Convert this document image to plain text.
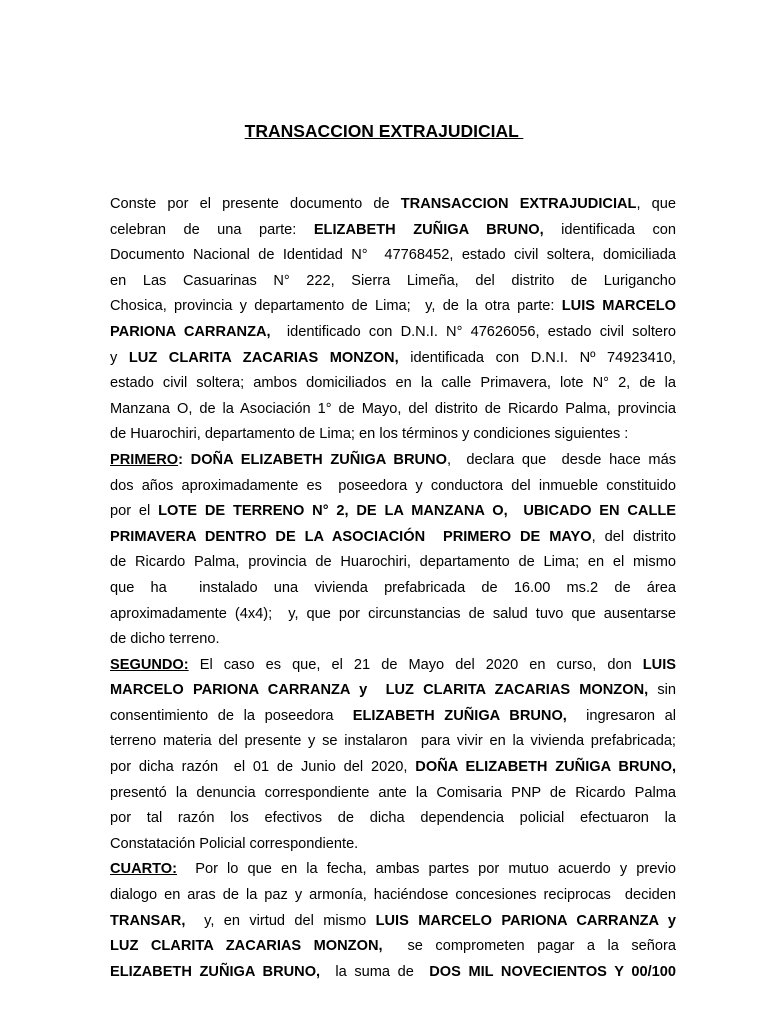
TRANSACCION EXTRAJUDICIAL
Conste por el presente documento de TRANSACCION EXTRAJUDICIAL, que
celebran de una parte: ELIZABETH ZUÑIGA BRUNO, identificada con
Documento Nacional de Identidad N°  47768452, estado civil soltera, domiciliada
en Las Casuarinas N° 222, Sierra Limeña, del distrito de Lurigancho
Chosica, provincia y departamento de Lima;  y, de la otra parte: LUIS MARCELO
PARIONA CARRANZA,  identificado con D.N.I. N° 47626056, estado civil soltero
y LUZ CLARITA ZACARIAS MONZON, identificada con D.N.I. Nº 74923410,
estado civil soltera; ambos domiciliados en la calle Primavera, lote N° 2, de la
Manzana O, de la Asociación 1° de Mayo, del distrito de Ricardo Palma, provincia
de Huarochiri, departamento de Lima; en los términos y condiciones siguientes :
PRIMERO: DOÑA ELIZABETH ZUÑIGA BRUNO,  declara que  desde hace más
dos años aproximadamente es  poseedora y conductora del inmueble constituido
por el LOTE DE TERRENO N° 2, DE LA MANZANA O,  UBICADO EN CALLE
PRIMAVERA DENTRO DE LA ASOCIACIÓN  PRIMERO DE MAYO, del distrito
de Ricardo Palma, provincia de Huarochiri, departamento de Lima; en el mismo
que ha  instalado una vivienda prefabricada de 16.00 ms.2 de área
aproximadamente (4x4);  y, que por circunstancias de salud tuvo que ausentarse
de dicho terreno.
SEGUNDO: El caso es que, el 21 de Mayo del 2020 en curso, don LUIS
MARCELO PARIONA CARRANZA y  LUZ CLARITA ZACARIAS MONZON, sin
consentimiento de la poseedora  ELIZABETH ZUÑIGA BRUNO,  ingresaron al
terreno materia del presente y se instalaron  para vivir en la vivienda prefabricada;
por dicha razón  el 01 de Junio del 2020, DOÑA ELIZABETH ZUÑIGA BRUNO,
presentó la denuncia correspondiente ante la Comisaria PNP de Ricardo Palma
por tal razón los efectivos de dicha dependencia policial efectuaron la
Constatación Policial correspondiente.
CUARTO:  Por lo que en la fecha, ambas partes por mutuo acuerdo y previo
dialogo en aras de la paz y armonía, haciéndose concesiones reciprocas  deciden
TRANSAR,  y, en virtud del mismo LUIS MARCELO PARIONA CARRANZA y
LUZ CLARITA ZACARIAS MONZON,  se comprometen pagar a la señora
ELIZABETH ZUÑIGA BRUNO,  la suma de  DOS MIL NOVECIENTOS Y 00/100
